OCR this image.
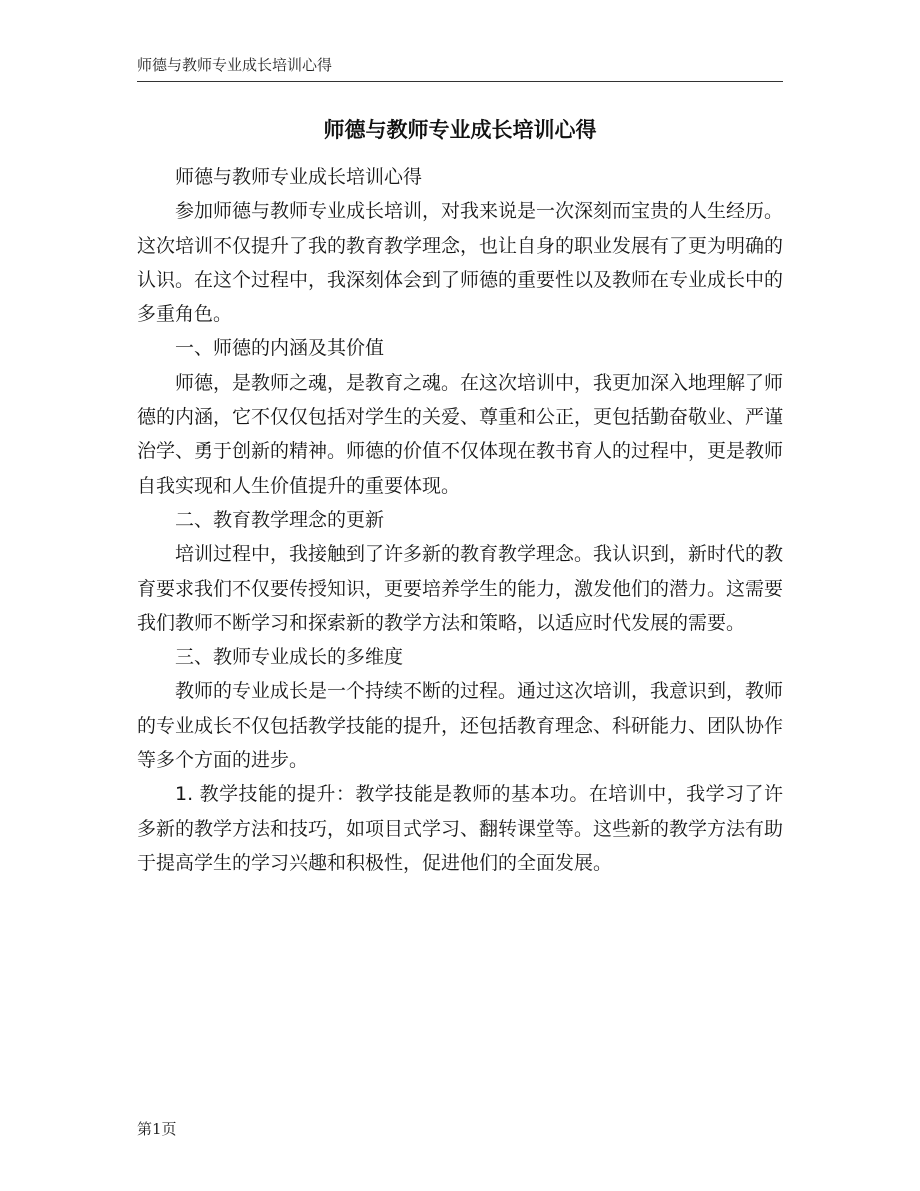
师德与教师专业成长培训心得
师德与教师专业成长培训心得

师德与教师专业成长培训心得

参加师德与教师专业成长培训，对我来说是一次深刻而宝贵的人生经历。这次培训不仅提升了我的教育教学理念，也让自身的职业发展有了更为明确的认识。在这个过程中，我深刻体会到了师德的重要性以及教师在专业成长中的多重角色。

一、师德的内涵及其价值

师德，是教师之魂，是教育之魂。在这次培训中，我更加深入地理解了师德的内涵，它不仅仅包括对学生的关爱、尊重和公正，更包括勤奋敬业、严谨治学、勇于创新的精神。师德的价值不仅体现在教书育人的过程中，更是教师自我实现和人生价值提升的重要体现。

二、教育教学理念的更新

培训过程中，我接触到了许多新的教育教学理念。我认识到，新时代的教育要求我们不仅要传授知识，更要培养学生的能力，激发他们的潜力。这需要我们教师不断学习和探索新的教学方法和策略，以适应时代发展的需要。

三、教师专业成长的多维度

教师的专业成长是一个持续不断的过程。通过这次培训，我意识到，教师的专业成长不仅包括教学技能的提升，还包括教育理念、科研能力、团队协作等多个方面的进步。

1. 教学技能的提升：教学技能是教师的基本功。在培训中，我学习了许多新的教学方法和技巧，如项目式学习、翻转课堂等。这些新的教学方法有助于提高学生的学习兴趣和积极性，促进他们的全面发展。

第1页
